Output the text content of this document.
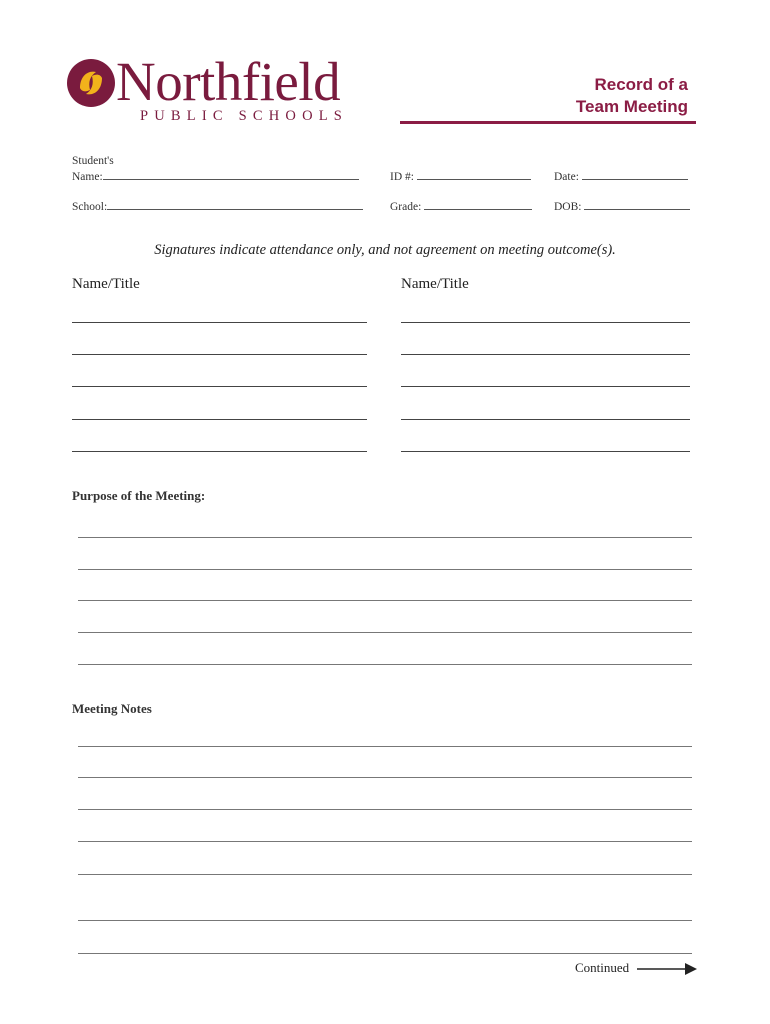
Northfield
PUBLIC SCHOOLS
Record of a
Team Meeting
Student's
Name:	ID #:	Date:
School:	Grade:	DOB:
Signatures indicate attendance only, and not agreement on meeting outcome(s).
Name/Title	Name/Title
Purpose of the Meeting:
Meeting Notes
Continued
